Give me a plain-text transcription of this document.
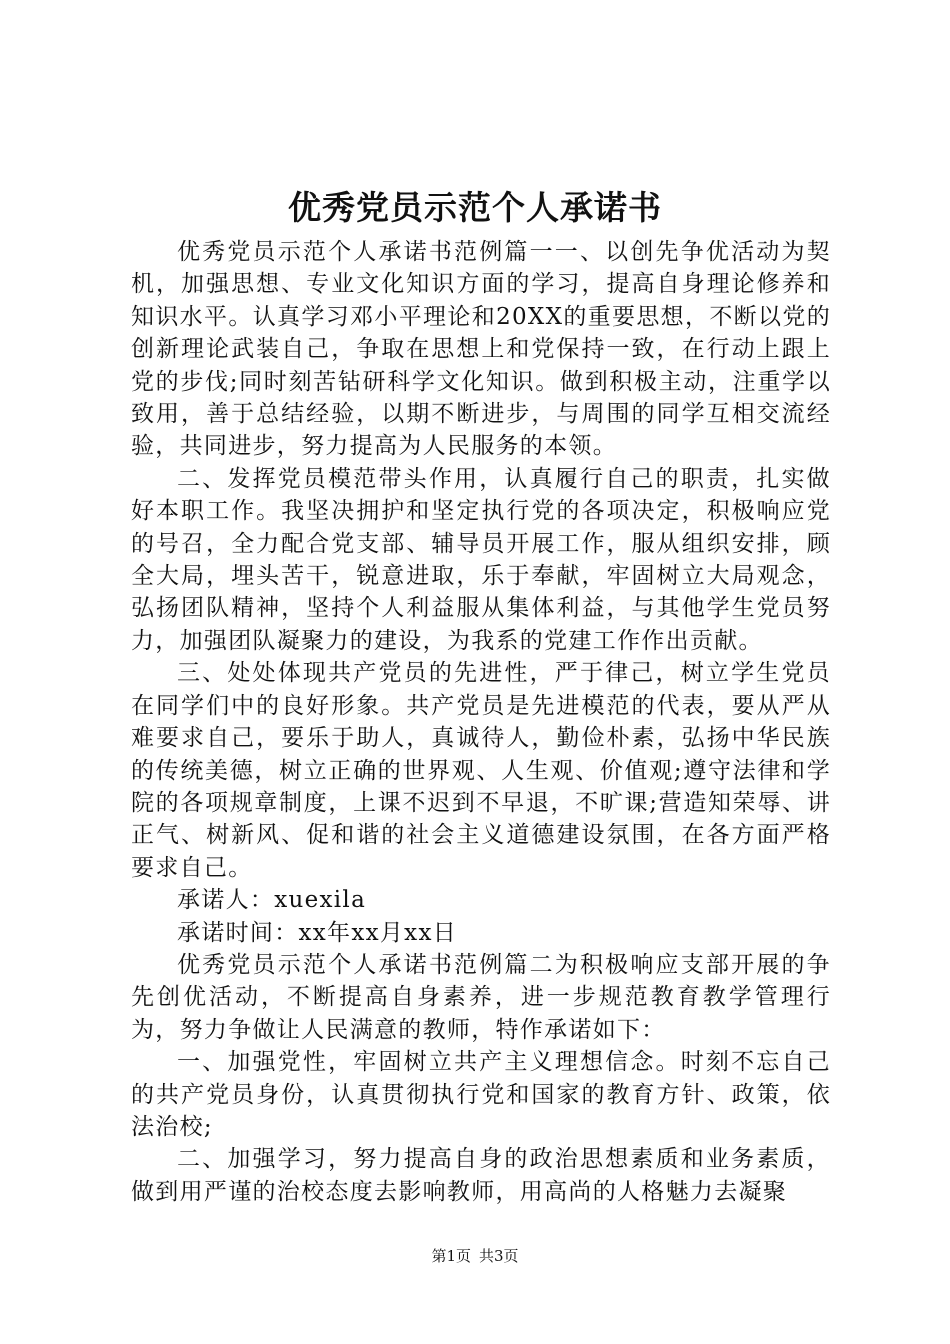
优秀党员示范个人承诺书

优秀党员示范个人承诺书范例篇一一、以创先争优活动为契机，加强思想、专业文化知识方面的学习，提高自身理论修养和知识水平。认真学习邓小平理论和20XX的重要思想，不断以党的创新理论武装自己，争取在思想上和党保持一致，在行动上跟上党的步伐;同时刻苦钻研科学文化知识。做到积极主动，注重学以致用，善于总结经验，以期不断进步，与周围的同学互相交流经验，共同进步，努力提高为人民服务的本领。

二、发挥党员模范带头作用，认真履行自己的职责，扎实做好本职工作。我坚决拥护和坚定执行党的各项决定，积极响应党的号召，全力配合党支部、辅导员开展工作，服从组织安排，顾全大局，埋头苦干，锐意进取，乐于奉献，牢固树立大局观念，弘扬团队精神，坚持个人利益服从集体利益，与其他学生党员努力，加强团队凝聚力的建设，为我系的党建工作作出贡献。

三、处处体现共产党员的先进性，严于律己，树立学生党员在同学们中的良好形象。共产党员是先进模范的代表，要从严从难要求自己，要乐于助人，真诚待人，勤俭朴素，弘扬中华民族的传统美德，树立正确的世界观、人生观、价值观;遵守法律和学院的各项规章制度，上课不迟到不早退，不旷课;营造知荣辱、讲正气、树新风、促和谐的社会主义道德建设氛围，在各方面严格要求自己。

承诺人：xuexila

承诺时间：xx年xx月xx日

优秀党员示范个人承诺书范例篇二为积极响应支部开展的争先创优活动，不断提高自身素养，进一步规范教育教学管理行为，努力争做让人民满意的教师，特作承诺如下：

一、加强党性，牢固树立共产主义理想信念。时刻不忘自己的共产党员身份，认真贯彻执行党和国家的教育方针、政策，依法治校;

二、加强学习，努力提高自身的政治思想素质和业务素质，做到用严谨的治校态度去影响教师，用高尚的人格魅力去凝聚

第1页 共3页
